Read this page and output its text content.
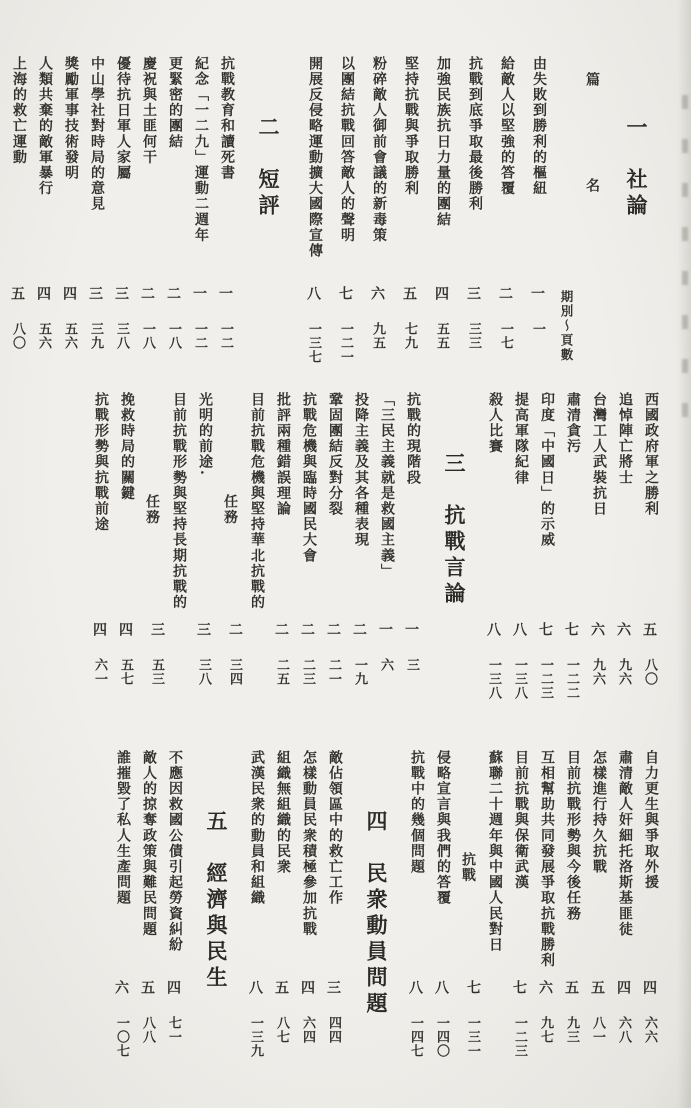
一　社論
篇名
期別～頁數
由失敗到勝利的樞紐
一
一
給敵人以堅強的答覆
二
一七
抗戰到底爭取最後勝利
三
三三
加強民族抗日力量的團結
四
五五
堅持抗戰與爭取勝利
五
七九
粉碎敵人御前會議的新毒策
六
九五
以團結抗戰回答敵人的聲明
七
一二一
開展反侵略運動擴大國際宣傳
八
一三七
二　短評
抗戰教育和讀死書
一
一二
紀念「一二九」運動二週年
一
一二
更緊密的團結
二
一八
慶祝與土匪何干
二
一八
優待抗日軍人家屬
三
三八
中山學社對時局的意見
三
三九
獎勵軍事技術發明
四
五六
人類共棄的敵軍暴行
四
五六
上海的救亡運動
五
八〇
西國政府軍之勝利
五
八〇
追悼陣亡將士
六
九六
台灣工人武裝抗日
六
九六
肅清貪污
七
一二二
印度「中國日」的示威
七
一二三
提高軍隊紀律
八
一三八
殺人比賽
八
一三八
三　抗戰言論
抗戰的現階段
一
三
「三民主義就是救國主義」
一
六
投降主義及其各種表現
二
一九
鞏固團結反對分裂
二
二一
抗戰危機與臨時國民大會
二
二三
批評兩種錯誤理論
二
二五
目前抗戰危機與堅持華北抗戰的
任務
二
三四
光明的前途.
三
三八
目前抗戰形勢與堅持長期抗戰的
任務
三
五三
挽救時局的關鍵
四
五七
抗戰形勢與抗戰前途
四
六一
自力更生與爭取外援
四
六六
肅清敵人奸細托洛斯基匪徒
四
六八
怎樣進行持久抗戰
五
八一
目前抗戰形勢與今後任務
五
九三
互相幫助共同發展爭取抗戰勝利
六
九七
目前抗戰與保衛武漢
七
一二三
蘇聯二十週年與中國人民對日
抗戰
七
一三一
侵略宣言與我們的答覆
八
一四〇
抗戰中的幾個問題
八
一四七
四　民衆動員問題
敵佔領區中的救亡工作
三
四四
怎樣動員民衆積極參加抗戰
四
六四
組織無組織的民衆
五
八七
武漢民衆的動員和組織
八
一三九
五　經濟與民生
不應因救國公債引起勞資糾紛
四
七一
敵人的掠奪政策與難民問題
五
八八
誰摧毀了私人生產問題
六
一〇七
